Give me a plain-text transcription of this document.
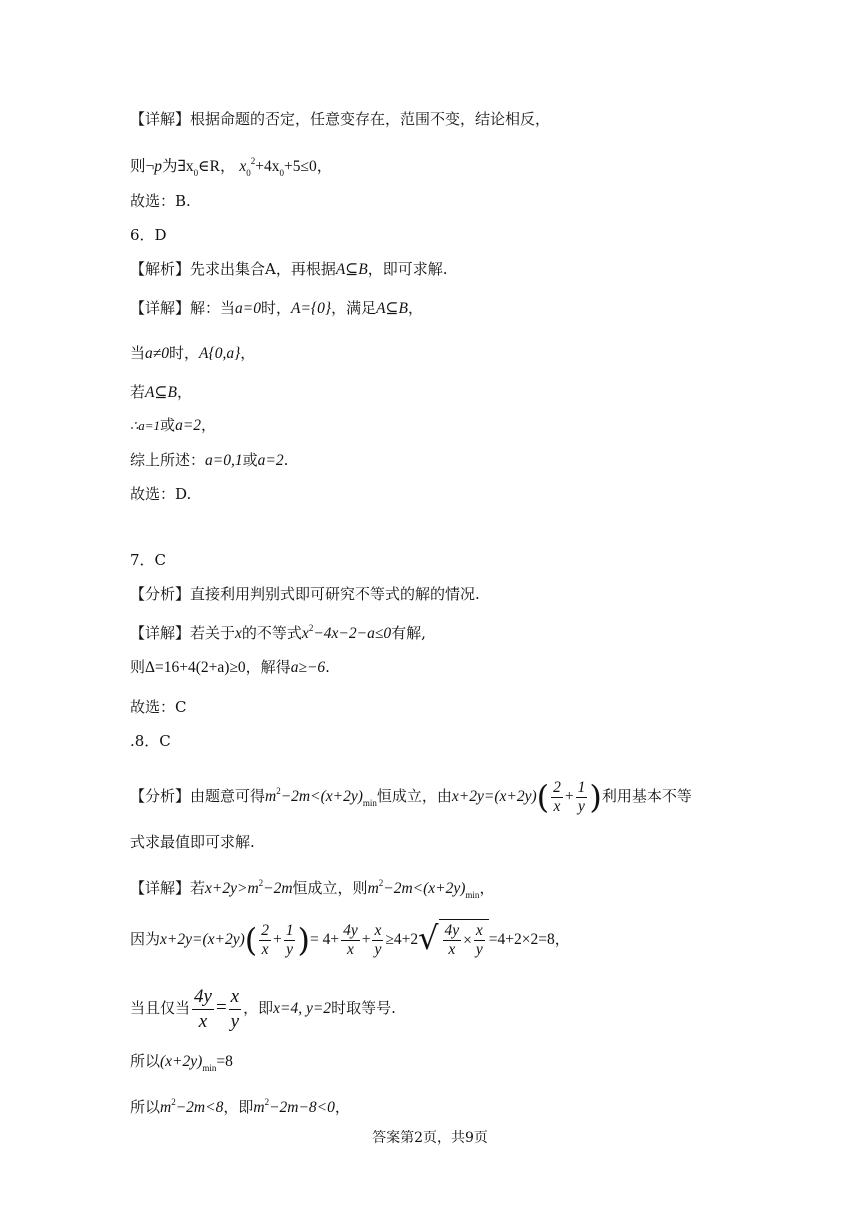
【详解】根据命题的否定，任意变存在，范围不变，结论相反，
则¬p为$\exists x_0\in R$， $x_0^2+4x_0+5\le 0$，
故选：B.
6．D
【解析】先求出集合A，再根据A⊆B，即可求解.
【详解】解：当a=0时，A={0}，满足A⊆B，
当a≠0时，A{0,a}，
若A⊆B，
∴a=1或a=2，
综上所述：a=0,1或a=2.
故选：D.
7．C
【分析】直接利用判别式即可研究不等式的解的情况.
【详解】若关于x的不等式$x^2-4x-2-a\le 0$有解,
则Δ=16+4(2+a)≥0，解得a≥−6.
故选：C
.8．C
【分析】由题意可得$m^2-2m<(x+2y)_{min}$恒成立，由$x+2y=(x+2y)( \frac{2}{x} + \frac{1}{y}$ )利用基本不等
式求最值即可求解.
【详解】若$x+2y>m^2-2m$恒成立，则$m^2-2m<(x+2y)_{min}$，
因为$x+2y=(x+2y)( \frac{2}{x} + \frac{1}{y}$ )= $4+ \frac{4y}{x} + \frac{x}{y} \ge 4+2$ √ $\frac{4y}{x} \times \frac{x}{y} =4+2\times 2=8$，
当且仅当 $\frac{4y}{x} = \frac{x}{y}$ ，即x=4, y=2时取等号.
所以$(x+2y)_{min}=8$
所以$m^2-2m<8$，即$m^2-2m-8<0$，
答案第2页，共9页
